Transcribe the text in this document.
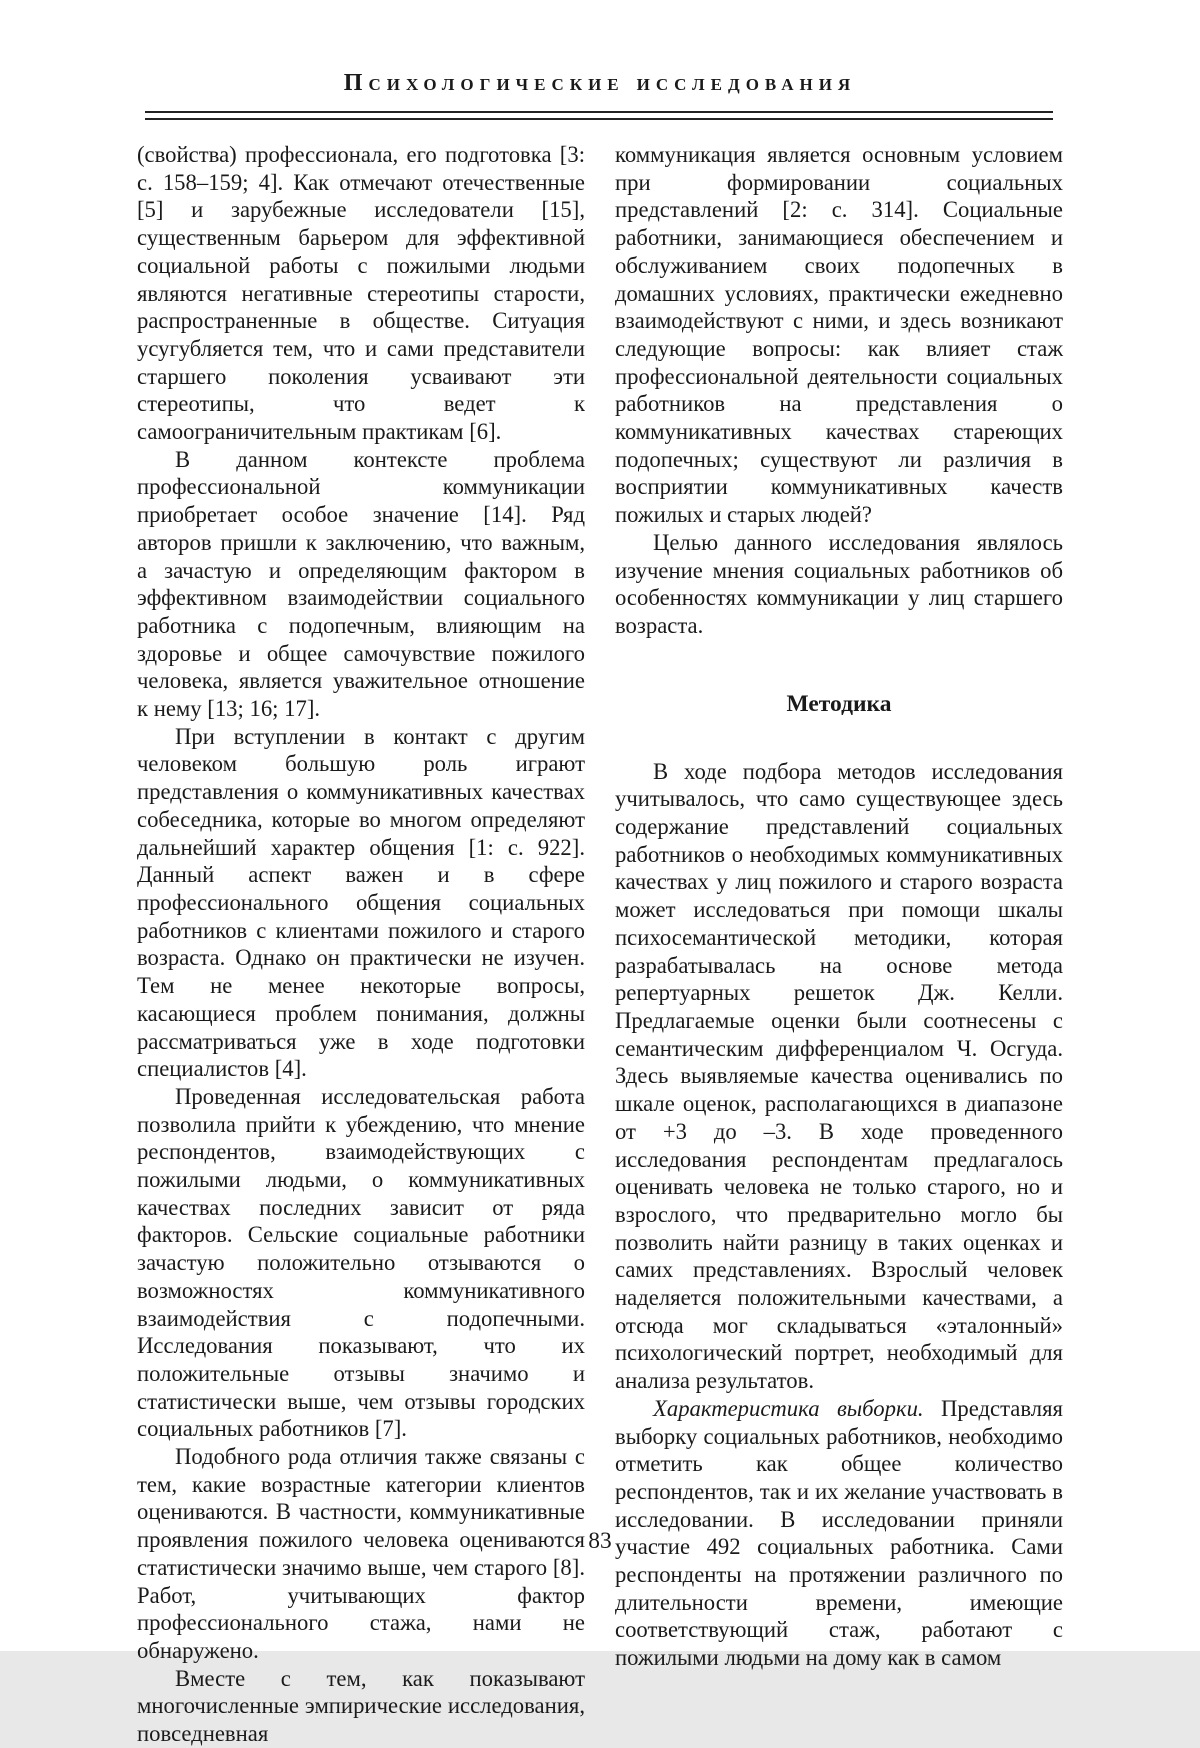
Психологические исследования

(свойства) профессионала, его подготовка [3: с. 158–159; 4]. Как отмечают отечественные [5] и зарубежные исследователи [15], существенным барьером для эффективной социальной работы с пожилыми людьми являются негативные стереотипы старости, распространенные в обществе. Ситуация усугубляется тем, что и сами представители старшего поколения усваивают эти стереотипы, что ведет к самоограничительным практикам [6].

В данном контексте проблема профессиональной коммуникации приобретает особое значение [14]. Ряд авторов пришли к заключению, что важным, а зачастую и определяющим фактором в эффективном взаимодействии социального работника с подопечным, влияющим на здоровье и общее самочувствие пожилого человека, является уважительное отношение к нему [13; 16; 17].

При вступлении в контакт с другим человеком большую роль играют представления о коммуникативных качествах собеседника, которые во многом определяют дальнейший характер общения [1: с. 922]. Данный аспект важен и в сфере профессионального общения социальных работников с клиентами пожилого и старого возраста. Однако он практически не изучен. Тем не менее некоторые вопросы, касающиеся проблем понимания, должны рассматриваться уже в ходе подготовки специалистов [4].

Проведенная исследовательская работа позволила прийти к убеждению, что мнение респондентов, взаимодействующих с пожилыми людьми, о коммуникативных качествах последних зависит от ряда факторов. Сельские социальные работники зачастую положительно отзываются о возможностях коммуникативного взаимодействия с подопечными. Исследования показывают, что их положительные отзывы значимо и статистически выше, чем отзывы городских социальных работников [7].

Подобного рода отличия также связаны с тем, какие возрастные категории клиентов оцениваются. В частности, коммуникативные проявления пожилого человека оцениваются статистически значимо выше, чем старого [8]. Работ, учитывающих фактор профессионального стажа, нами не обнаружено.

Вместе с тем, как показывают многочисленные эмпирические исследования, повседневная

коммуникация является основным условием при формировании социальных представлений [2: с. 314]. Социальные работники, занимающиеся обеспечением и обслуживанием своих подопечных в домашних условиях, практически ежедневно взаимодействуют с ними, и здесь возникают следующие вопросы: как влияет стаж профессиональной деятельности социальных работников на представления о коммуникативных качествах стареющих подопечных; существуют ли различия в восприятии коммуникативных качеств пожилых и старых людей?

Целью данного исследования являлось изучение мнения социальных работников об особенностях коммуникации у лиц старшего возраста.

Методика

В ходе подбора методов исследования учитывалось, что само существующее здесь содержание представлений социальных работников о необходимых коммуникативных качествах у лиц пожилого и старого возраста может исследоваться при помощи шкалы психосемантической методики, которая разрабатывалась на основе метода репертуарных решеток Дж. Келли. Предлагаемые оценки были соотнесены с семантическим дифференциалом Ч. Осгуда. Здесь выявляемые качества оценивались по шкале оценок, располагающихся в диапазоне от +3 до –3. В ходе проведенного исследования респондентам предлагалось оценивать человека не только старого, но и взрослого, что предварительно могло бы позволить найти разницу в таких оценках и самих представлениях. Взрослый человек наделяется положительными качествами, а отсюда мог складываться «эталонный» психологический портрет, необходимый для анализа результатов.

Характеристика выборки. Представляя выборку социальных работников, необходимо отметить как общее количество респондентов, так и их желание участвовать в исследовании. В исследовании приняли участие 492 социальных работника. Сами респонденты на протяжении различного по длительности времени, имеющие соответствующий стаж, работают с пожилыми людьми на дому как в самом

83
